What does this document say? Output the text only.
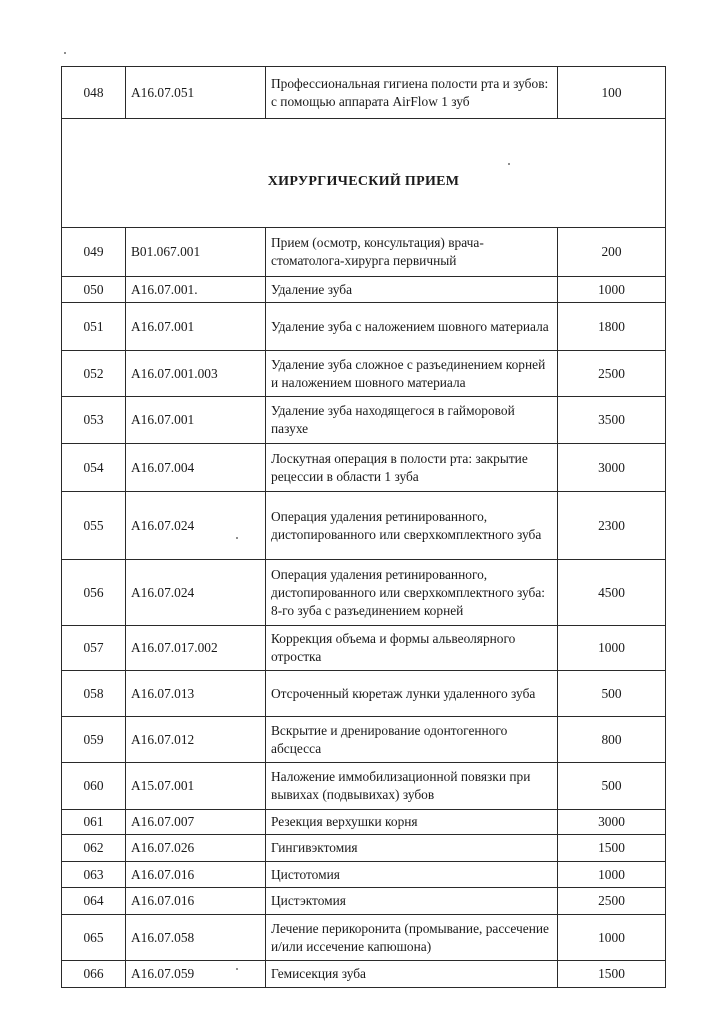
048	A16.07.051	Профессиональная гигиена полости рта и зубов: с помощью аппарата AirFlow 1 зуб	100
ХИРУРГИЧЕСКИЙ ПРИЕМ			
049	B01.067.001	Прием (осмотр, консультация) врача-стоматолога-хирурга первичный	200
050	A16.07.001.	Удаление зуба	1000
051	A16.07.001	Удаление зуба с наложением шовного материала	1800
052	A16.07.001.003	Удаление зуба сложное с разъединением корней и наложением шовного материала	2500
053	A16.07.001	Удаление зуба находящегося в гайморовой пазухе	3500
054	A16.07.004	Лоскутная операция в полости рта: закрытие рецессии в области 1 зуба	3000
055	A16.07.024	Операция удаления ретинированного, дистопированного или сверхкомплектного зуба	2300
056	A16.07.024	Операция удаления ретинированного, дистопированного или сверхкомплектного зуба: 8-го зуба с разъединением корней	4500
057	A16.07.017.002	Коррекция объема и формы альвеолярного отростка	1000
058	A16.07.013	Отсроченный кюретаж лунки удаленного зуба	500
059	A16.07.012	Вскрытие и дренирование одонтогенного абсцесса	800
060	A15.07.001	Наложение иммобилизационной повязки при вывихах (подвывихах) зубов	500
061	A16.07.007	Резекция верхушки корня	3000
062	A16.07.026	Гингивэктомия	1500
063	A16.07.016	Цистотомия	1000
064	A16.07.016	Цистэктомия	2500
065	A16.07.058	Лечение перикоронита (промывание, рассечение и/или иссечение капюшона)	1000
066	A16.07.059	Гемисекция зуба	1500
